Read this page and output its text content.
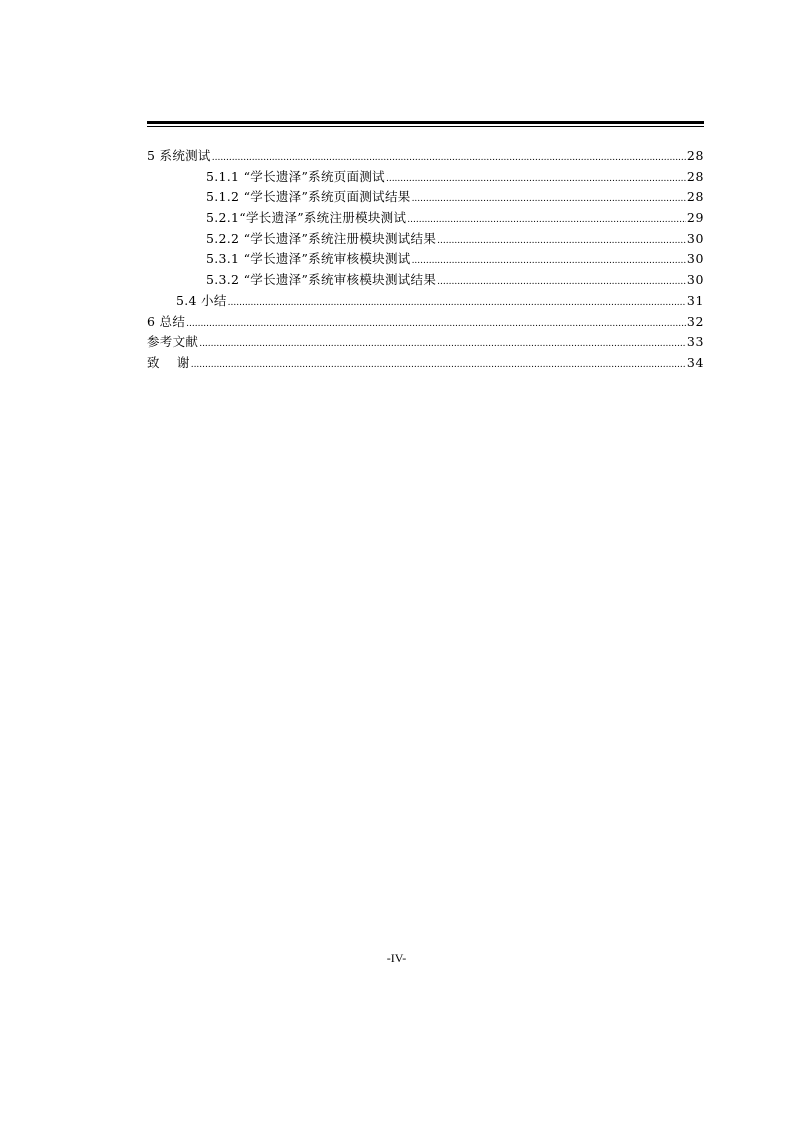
5 系统测试 .....	28
5.1.1 “学长遗泽”系统页面测试 .....	28
5.1.2 “学长遗泽”系统页面测试结果 .....	28
5.2.1“学长遗泽”系统注册模块测试 .....	29
5.2.2 “学长遗泽”系统注册模块测试结果 .....	30
5.3.1 “学长遗泽”系统审核模块测试 .....	30
5.3.2 “学长遗泽”系统审核模块测试结果 .....	30
5.4 小结 .....	31
6 总结 .....	32
参考文献 .....	33
致    谢 .....	34
-IV-
